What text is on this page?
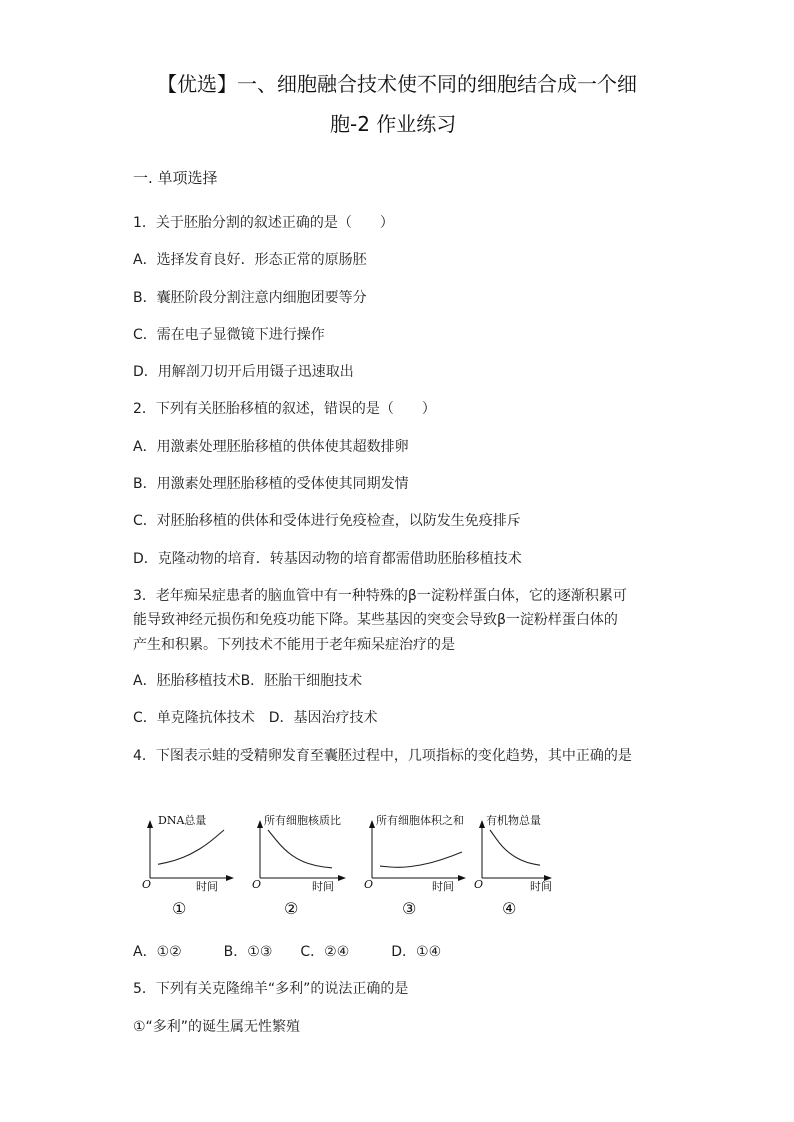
【优选】一、细胞融合技术使不同的细胞结合成一个细
胞-2 作业练习
一. 单项选择
1．关于胚胎分割的叙述正确的是（　　）
A．选择发育良好．形态正常的原肠胚
B．囊胚阶段分割注意内细胞团要等分
C．需在电子显微镜下进行操作
D．用解剖刀切开后用镊子迅速取出
2．下列有关胚胎移植的叙述，错误的是（　　）
A．用激素处理胚胎移植的供体使其超数排卵
B．用激素处理胚胎移植的受体使其同期发情
C．对胚胎移植的供体和受体进行免疫检查，以防发生免疫排斥
D．克隆动物的培育．转基因动物的培育都需借助胚胎移植技术
3．老年痴呆症患者的脑血管中有一种特殊的β一淀粉样蛋白体，它的逐渐积累可
能导致神经元损伤和免疫功能下降。某些基因的突变会导致β一淀粉样蛋白体的
产生和积累。下列技术不能用于老年痴呆症治疗的是
A．胚胎移植技术B．胚胎干细胞技术
C．单克隆抗体技术　D．基因治疗技术
4．下图表示蛙的受精卵发育至囊胚过程中，几项指标的变化趋势，其中正确的是
DNA总量
O	时间
①
所有细胞核质比
O	时间
②
所有细胞体积之和
O	时间
③
有机物总量
O	时间
④
A．①②　　　B．①③　　C．②④　　　D．①④
5．下列有关克隆绵羊“多利”的说法正确的是
①“多利”的诞生属无性繁殖
